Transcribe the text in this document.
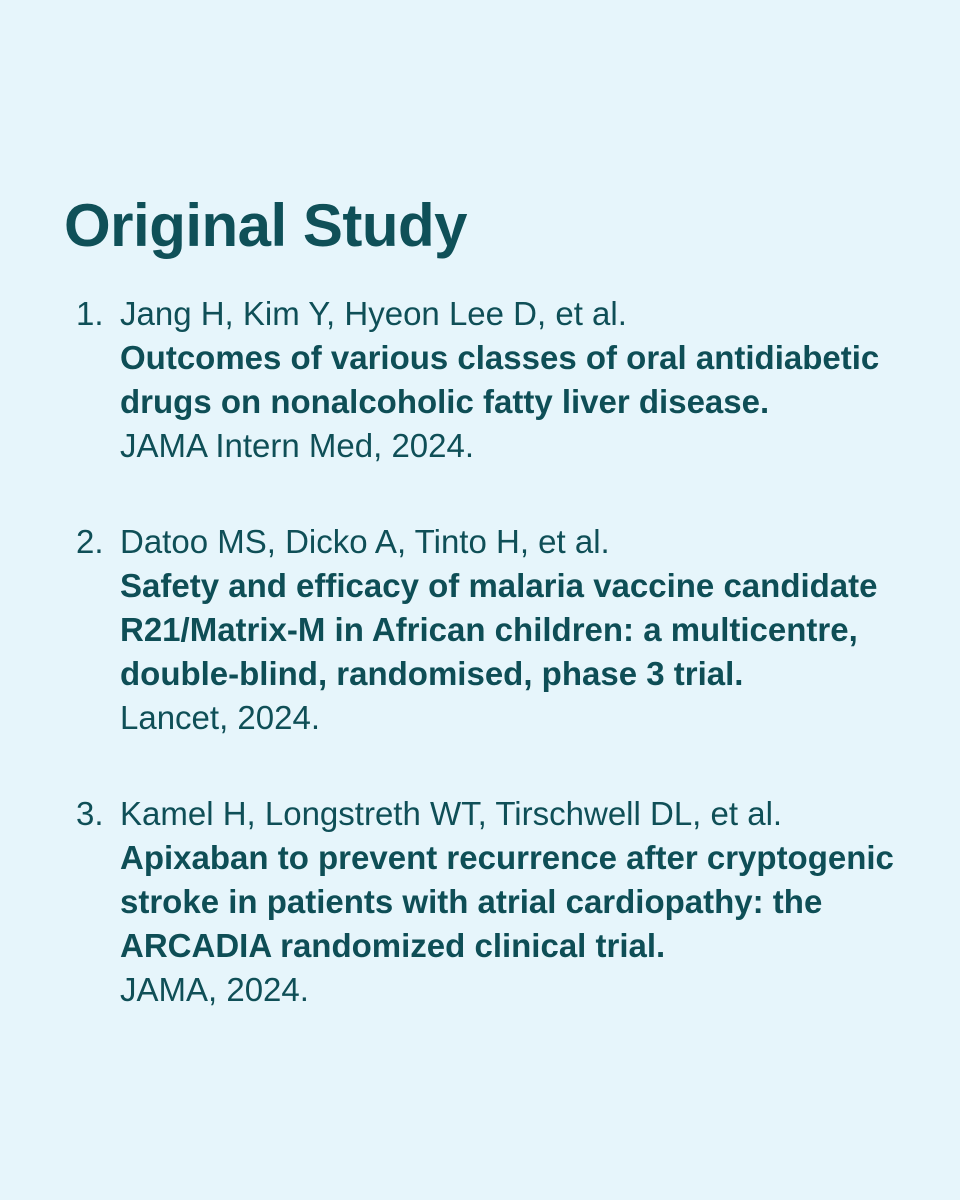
Original Study
1. Jang H, Kim Y, Hyeon Lee D, et al.
Outcomes of various classes of oral antidiabetic drugs on nonalcoholic fatty liver disease.
JAMA Intern Med, 2024.
2. Datoo MS, Dicko A, Tinto H, et al.
Safety and efficacy of malaria vaccine candidate R21/Matrix-M in African children: a multicentre, double-blind, randomised, phase 3 trial.
Lancet, 2024.
3. Kamel H, Longstreth WT, Tirschwell DL, et al.
Apixaban to prevent recurrence after cryptogenic stroke in patients with atrial cardiopathy: the ARCADIA randomized clinical trial.
JAMA, 2024.
